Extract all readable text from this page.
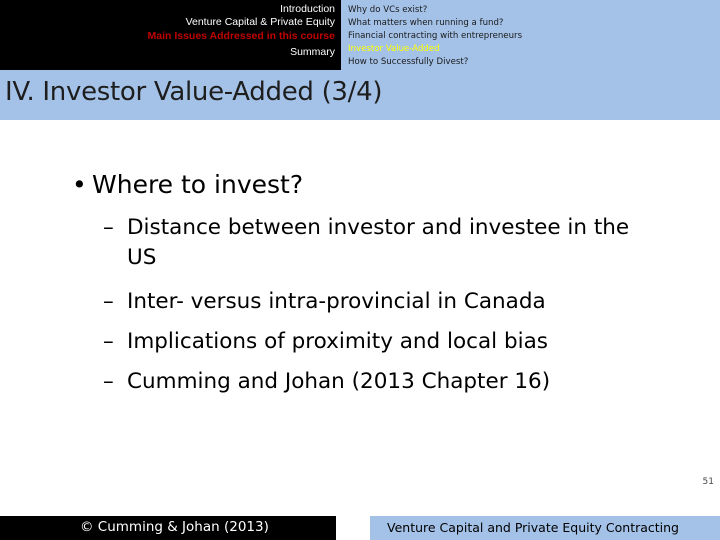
Introduction
Venture Capital & Private Equity
Main Issues Addressed in this course
Summary
Why do VCs exist?
What matters when running a fund?
Financial contracting with entrepreneurs
Investor Value-Added
How to Successfully Divest?
IV. Investor Value-Added (3/4)
• Where to invest?
– Distance between investor and investee in the
US
– Inter- versus intra-provincial in Canada
– Implications of proximity and local bias
– Cumming and Johan (2013 Chapter 16)
51
© Cumming & Johan (2013)	Venture Capital and Private Equity Contracting
